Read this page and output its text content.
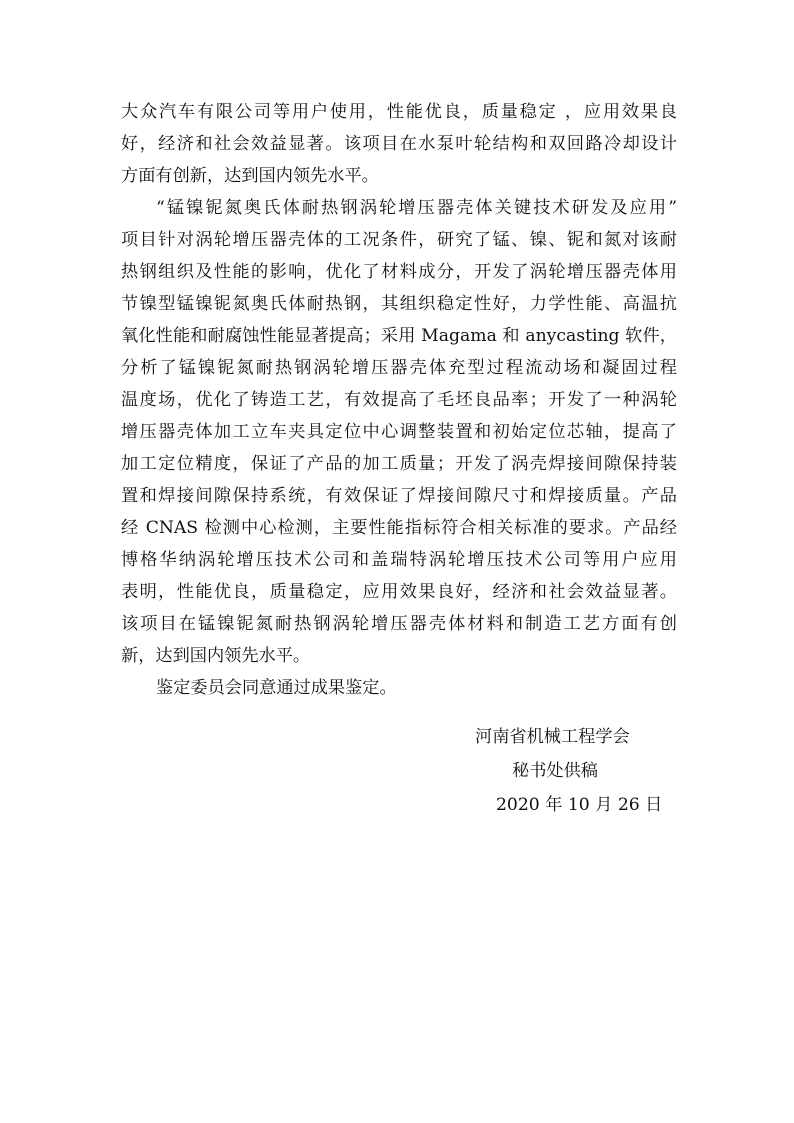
大众汽车有限公司等用户使用，性能优良，质量稳定 ，应用效果良
好，经济和社会效益显著。该项目在水泵叶轮结构和双回路冷却设计
方面有创新，达到国内领先水平。
“锰镍铌氮奥氏体耐热钢涡轮增压器壳体关键技术研发及应用”
项目针对涡轮增压器壳体的工况条件，研究了锰、镍、铌和氮对该耐
热钢组织及性能的影响，优化了材料成分，开发了涡轮增压器壳体用
节镍型锰镍铌氮奥氏体耐热钢，其组织稳定性好，力学性能、高温抗
氧化性能和耐腐蚀性能显著提高；采用 Magama 和 anycasting 软件，
分析了锰镍铌氮耐热钢涡轮增压器壳体充型过程流动场和凝固过程
温度场，优化了铸造工艺，有效提高了毛坯良品率；开发了一种涡轮
增压器壳体加工立车夹具定位中心调整装置和初始定位芯轴，提高了
加工定位精度，保证了产品的加工质量；开发了涡壳焊接间隙保持装
置和焊接间隙保持系统，有效保证了焊接间隙尺寸和焊接质量。产品
经 CNAS 检测中心检测，主要性能指标符合相关标准的要求。产品经
博格华纳涡轮增压技术公司和盖瑞特涡轮增压技术公司等用户应用
表明，性能优良，质量稳定，应用效果良好，经济和社会效益显著。
该项目在锰镍铌氮耐热钢涡轮增压器壳体材料和制造工艺方面有创
新，达到国内领先水平。
鉴定委员会同意通过成果鉴定。
河南省机械工程学会
秘书处供稿
2020 年 10 月 26 日
